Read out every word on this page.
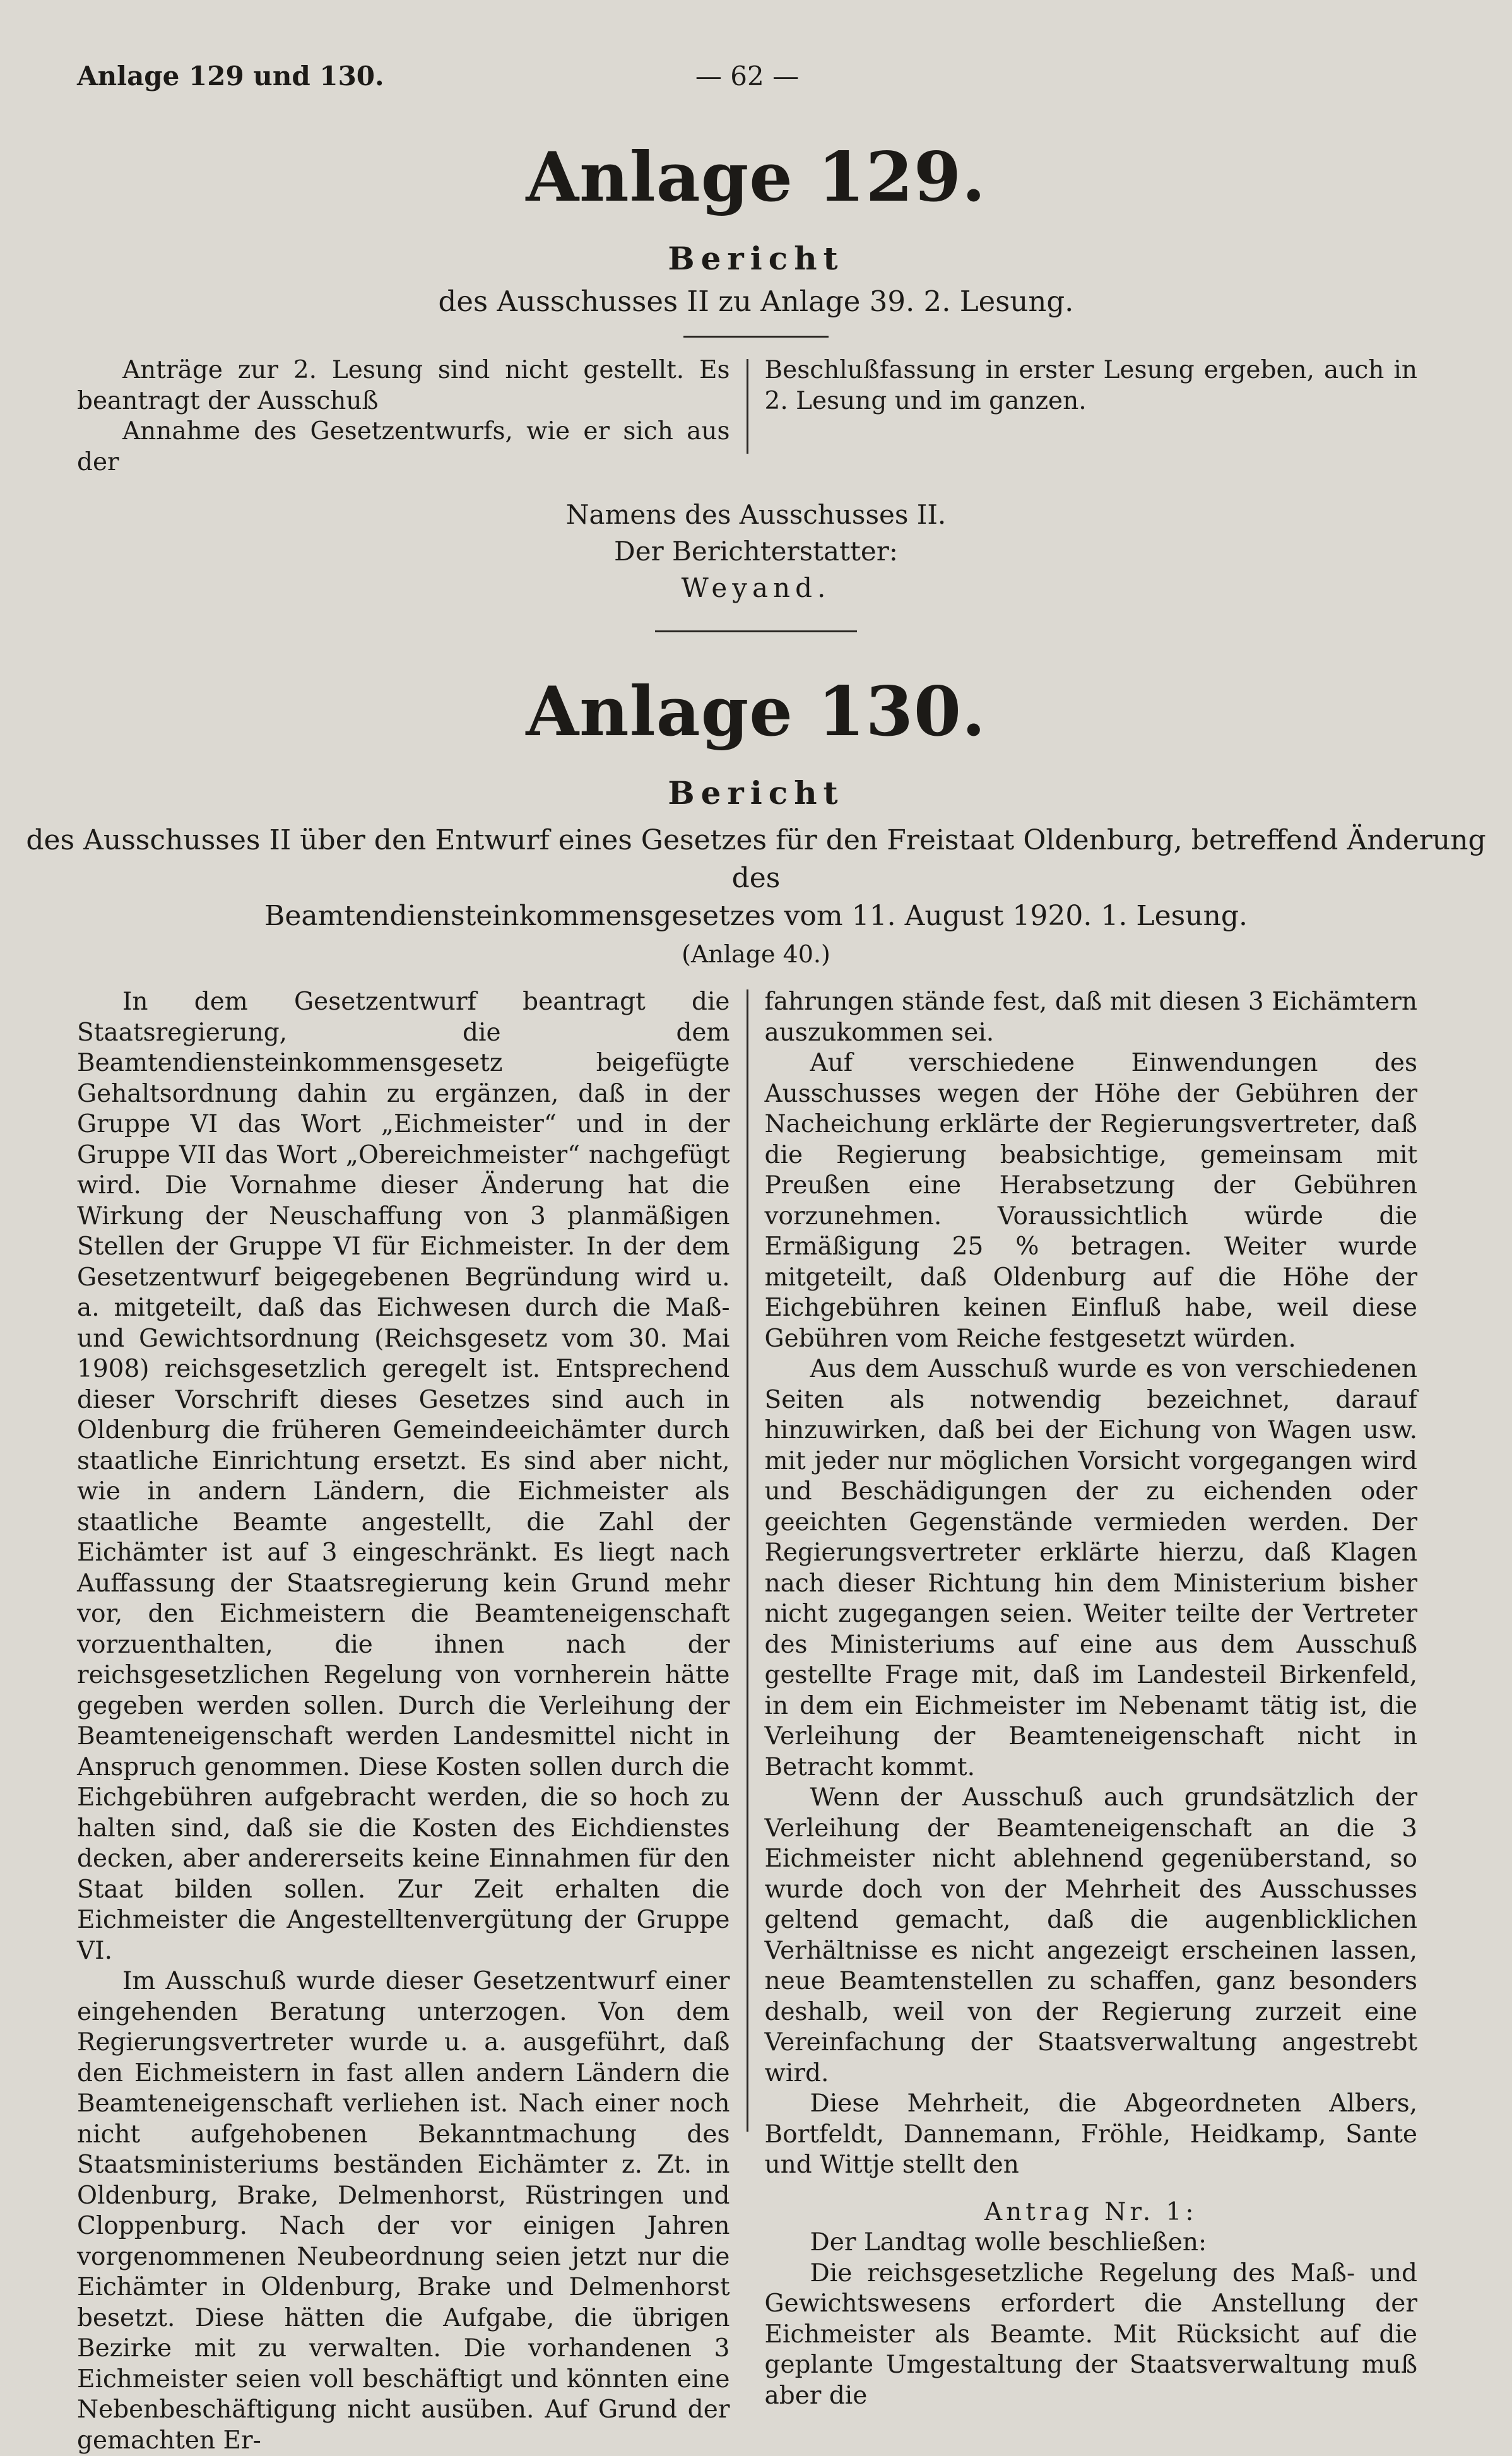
Anlage 129 und 130.	— 62 —
Anlage 129.
Bericht
des Ausschusses II zu Anlage 39. 2. Lesung.

Anträge zur 2. Lesung sind nicht gestellt. Es beantragt der Ausschuß

Annahme des Gesetzentwurfs, wie er sich aus der

Beschlußfassung in erster Lesung ergeben, auch in 2. Lesung und im ganzen.

Namens des Ausschusses II.
Der Berichterstatter:
Weyand.
Anlage 130.
Bericht
des Ausschusses II über den Entwurf eines Gesetzes für den Freistaat Oldenburg, betreffend Änderung des
Beamtendiensteinkommensgesetzes vom 11. August 1920. 1. Lesung.
(Anlage 40.)

In dem Gesetzentwurf beantragt die Staatsregierung, die dem Beamtendiensteinkommensgesetz beigefügte Gehaltsordnung dahin zu ergänzen, daß in der Gruppe VI das Wort „Eichmeister“ und in der Gruppe VII das Wort „Obereichmeister“ nachgefügt wird. Die Vornahme dieser Änderung hat die Wirkung der Neuschaffung von 3 planmäßigen Stellen der Gruppe VI für Eichmeister. In der dem Gesetzentwurf beigegebenen Begründung wird u. a. mitgeteilt, daß das Eichwesen durch die Maß- und Gewichtsordnung (Reichsgesetz vom 30. Mai 1908) reichsgesetzlich geregelt ist. Entsprechend dieser Vorschrift dieses Gesetzes sind auch in Oldenburg die früheren Gemeindeeichämter durch staatliche Einrichtung ersetzt. Es sind aber nicht, wie in andern Ländern, die Eichmeister als staatliche Beamte angestellt, die Zahl der Eichämter ist auf 3 eingeschränkt. Es liegt nach Auffassung der Staatsregierung kein Grund mehr vor, den Eichmeistern die Beamteneigenschaft vorzuenthalten, die ihnen nach der reichsgesetzlichen Regelung von vornherein hätte gegeben werden sollen. Durch die Verleihung der Beamteneigenschaft werden Landesmittel nicht in Anspruch genommen. Diese Kosten sollen durch die Eichgebühren aufgebracht werden, die so hoch zu halten sind, daß sie die Kosten des Eichdienstes decken, aber andererseits keine Einnahmen für den Staat bilden sollen. Zur Zeit erhalten die Eichmeister die Angestelltenvergütung der Gruppe VI.

Im Ausschuß wurde dieser Gesetzentwurf einer eingehenden Beratung unterzogen. Von dem Regierungsvertreter wurde u. a. ausgeführt, daß den Eichmeistern in fast allen andern Ländern die Beamteneigenschaft verliehen ist. Nach einer noch nicht aufgehobenen Bekanntmachung des Staatsministeriums beständen Eichämter z. Zt. in Oldenburg, Brake, Delmenhorst, Rüstringen und Cloppenburg. Nach der vor einigen Jahren vorgenommenen Neubeordnung seien jetzt nur die Eichämter in Oldenburg, Brake und Delmenhorst besetzt. Diese hätten die Aufgabe, die übrigen Bezirke mit zu verwalten. Die vorhandenen 3 Eichmeister seien voll beschäftigt und könnten eine Nebenbeschäftigung nicht ausüben. Auf Grund der gemachten Er-

fahrungen stände fest, daß mit diesen 3 Eichämtern auszukommen sei.

Auf verschiedene Einwendungen des Ausschusses wegen der Höhe der Gebühren der Nacheichung erklärte der Regierungsvertreter, daß die Regierung beabsichtige, gemeinsam mit Preußen eine Herabsetzung der Gebühren vorzunehmen. Voraussichtlich würde die Ermäßigung 25 % betragen. Weiter wurde mitgeteilt, daß Oldenburg auf die Höhe der Eichgebühren keinen Einfluß habe, weil diese Gebühren vom Reiche festgesetzt würden.

Aus dem Ausschuß wurde es von verschiedenen Seiten als notwendig bezeichnet, darauf hinzuwirken, daß bei der Eichung von Wagen usw. mit jeder nur möglichen Vorsicht vorgegangen wird und Beschädigungen der zu eichenden oder geeichten Gegenstände vermieden werden. Der Regierungsvertreter erklärte hierzu, daß Klagen nach dieser Richtung hin dem Ministerium bisher nicht zugegangen seien. Weiter teilte der Vertreter des Ministeriums auf eine aus dem Ausschuß gestellte Frage mit, daß im Landesteil Birkenfeld, in dem ein Eichmeister im Nebenamt tätig ist, die Verleihung der Beamteneigenschaft nicht in Betracht kommt.

Wenn der Ausschuß auch grundsätzlich der Verleihung der Beamteneigenschaft an die 3 Eichmeister nicht ablehnend gegenüberstand, so wurde doch von der Mehrheit des Ausschusses geltend gemacht, daß die augenblicklichen Verhältnisse es nicht angezeigt erscheinen lassen, neue Beamtenstellen zu schaffen, ganz besonders deshalb, weil von der Regierung zurzeit eine Vereinfachung der Staatsverwaltung angestrebt wird.

Diese Mehrheit, die Abgeordneten Albers, Bortfeldt, Dannemann, Fröhle, Heidkamp, Sante und Wittje stellt den

Antrag Nr. 1:

Der Landtag wolle beschließen:

Die reichsgesetzliche Regelung des Maß- und Gewichtswesens erfordert die Anstellung der Eichmeister als Beamte. Mit Rücksicht auf die geplante Umgestaltung der Staatsverwaltung muß aber die
